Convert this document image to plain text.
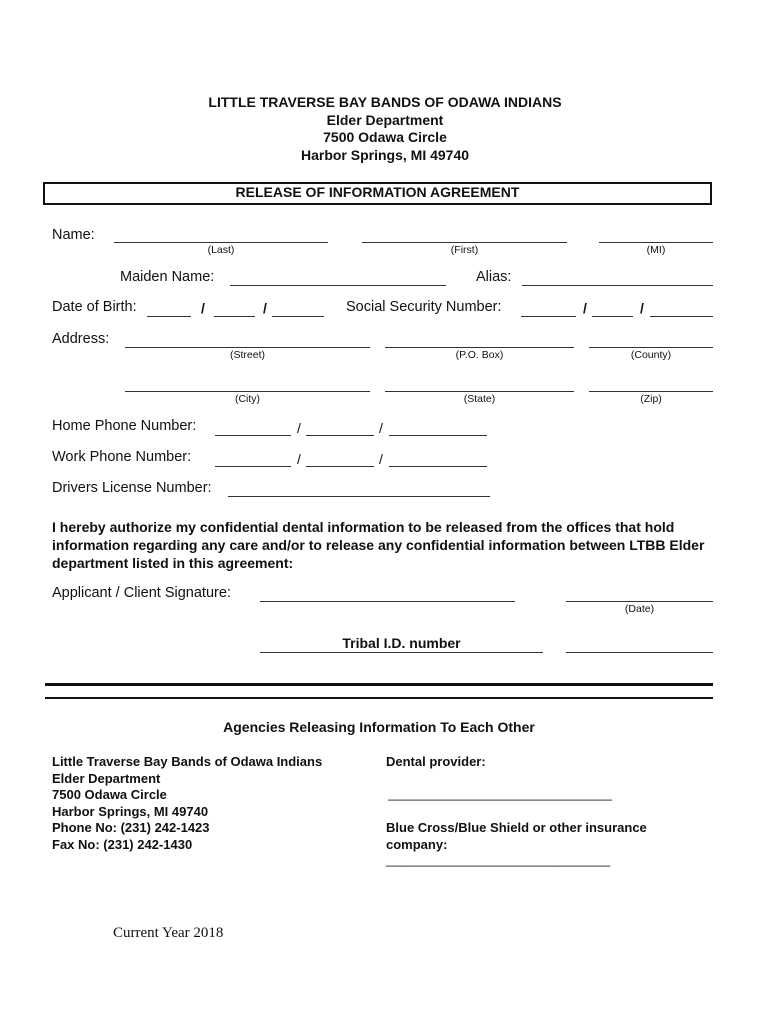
LITTLE TRAVERSE BAY BANDS OF ODAWA INDIANS
Elder Department
7500 Odawa Circle
Harbor Springs, MI 49740
RELEASE OF INFORMATION AGREEMENT
Name:
(Last)	(First)	(MI)
Maiden Name:	Alias:
Date of Birth:	/	/	Social Security Number:	/	/
Address:
(Street)	(P.O. Box)	(County)
(City)	(State)	(Zip)
Home Phone Number:	/	/
Work Phone Number:	/	/
Drivers License Number:
I hereby authorize my confidential dental information to be released from the offices that hold information regarding any care and/or to release any confidential information between LTBB Elder department listed in this agreement:
Applicant / Client Signature:
(Date)
Tribal I.D. number
Agencies Releasing Information To Each Other
Little Traverse Bay Bands of Odawa Indians
Elder Department
7500 Odawa Circle
Harbor Springs, MI 49740
Phone No: (231) 242-1423
Fax No: (231) 242-1430
Dental provider:
_______________________________
Blue Cross/Blue Shield or other insurance
company:
_______________________________
Current Year 2018
